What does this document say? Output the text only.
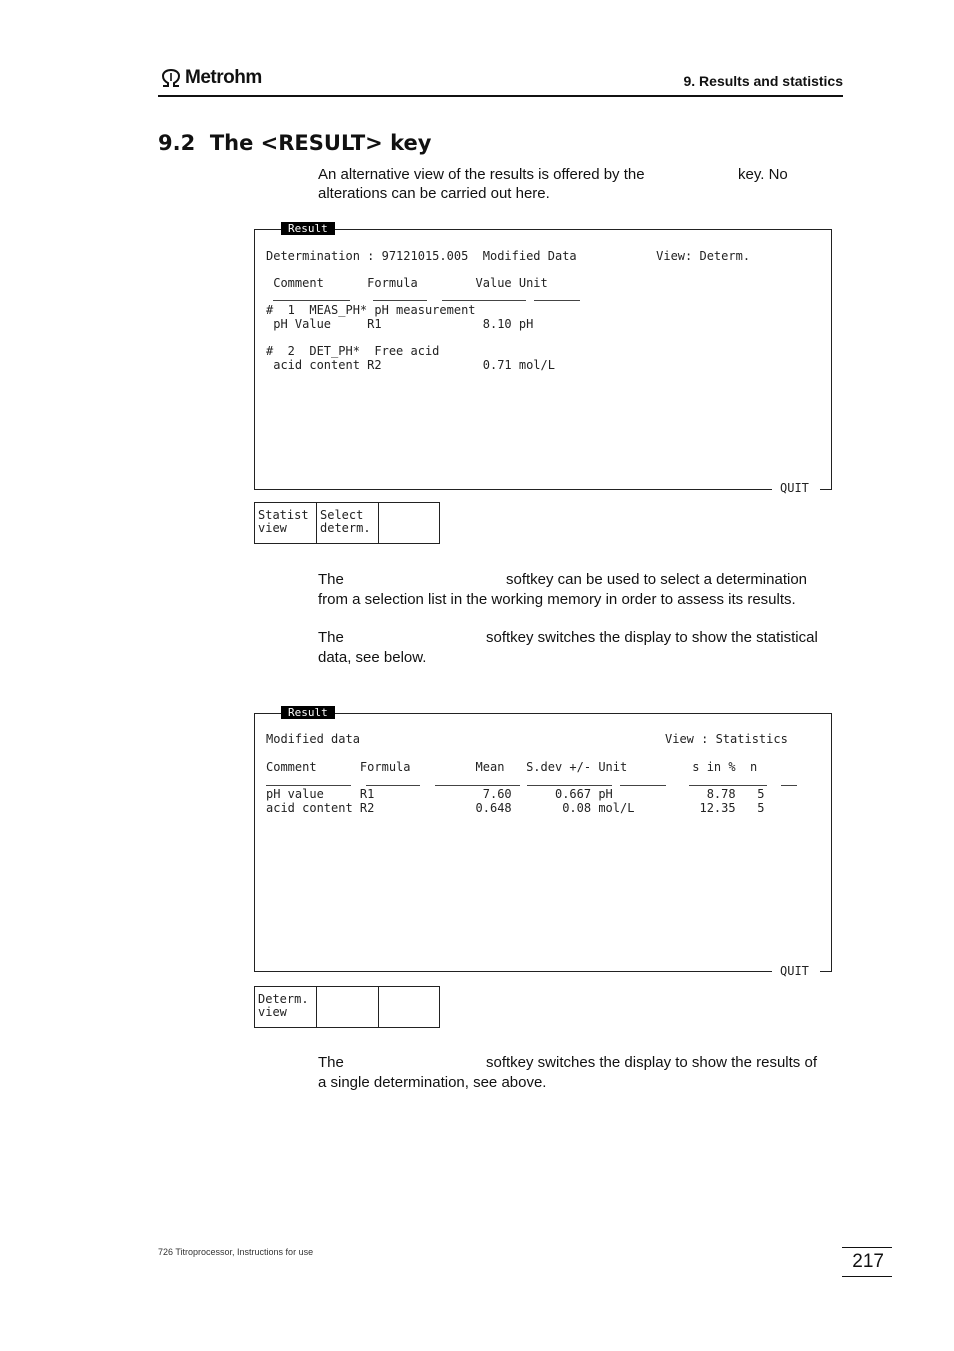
Metrohm	9. Results and statistics
9.2  The <RESULT> key
An alternative view of the results is offered by the	key. No
alterations can be carried out here.
Result
Determination : 97121015.005  Modified Data           View: Determ.
Comment      Formula        Value Unit
#  1  MEAS_PH* pH measurement
pH Value     R1              8.10 pH
#  2  DET_PH*  Free acid
acid content R2              0.71 mol/L
QUIT
Statist
view
Select
determ.
The	softkey can be used to select a determination
from a selection list in the working memory in order to assess its results.
The	softkey switches the display to show the statistical
data, see below.
Result
Modified data	View : Statistics
Comment      Formula         Mean   S.dev +/- Unit         s in %  n
pH value     R1               7.60      0.667 pH             8.78   5
acid content R2              0.648       0.08 mol/L         12.35   5
QUIT
Determ.
view
The	softkey switches the display to show the results of
a single determination, see above.
726 Titroprocessor, Instructions for use	217
